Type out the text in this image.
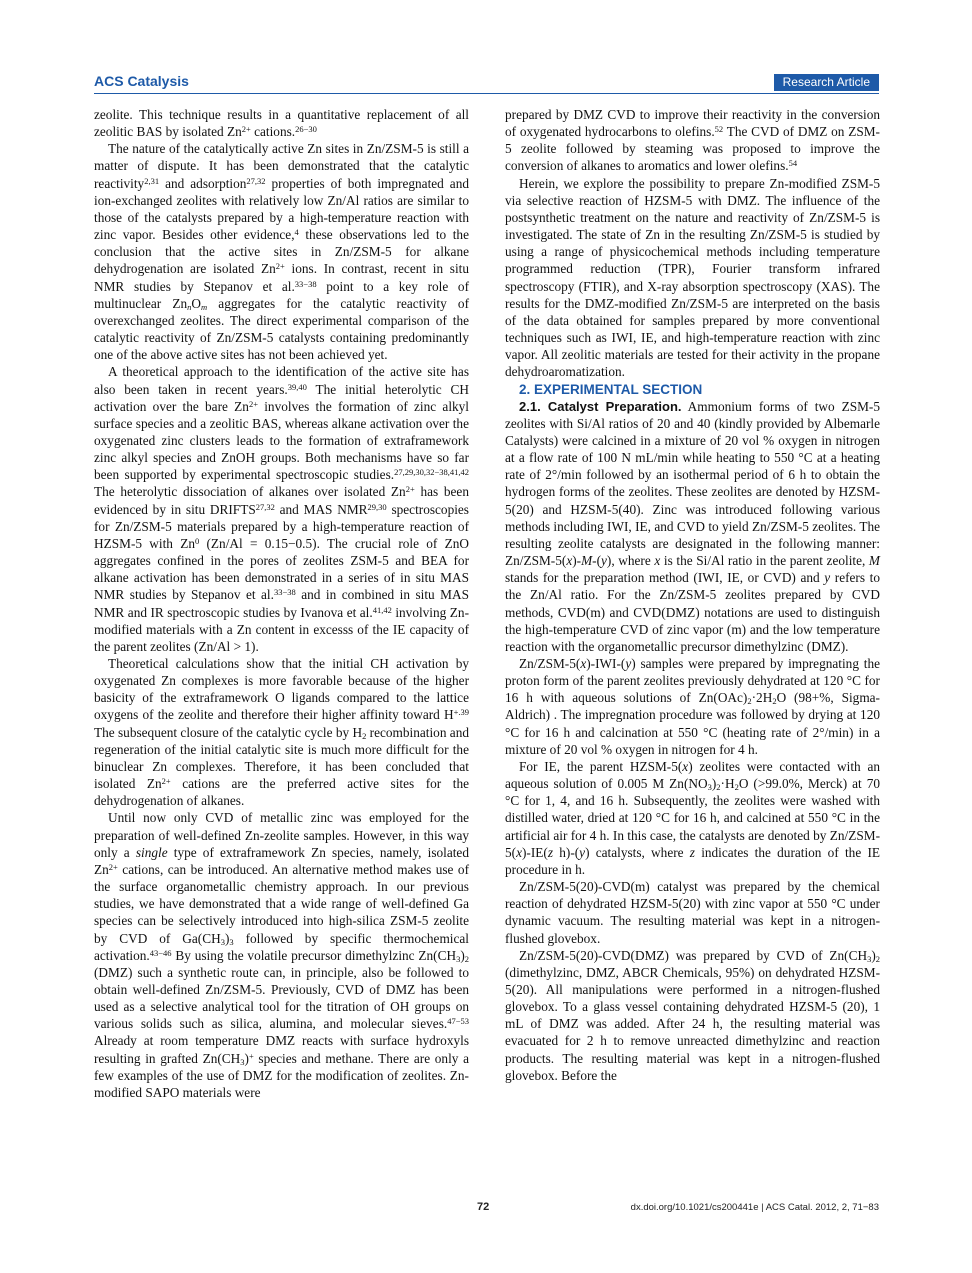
ACS Catalysis	Research Article

zeolite. This technique results in a quantitative replacement of all zeolitic BAS by isolated $Zn^{2+}$ cations.$^{26-30}$

The nature of the catalytically active Zn sites in Zn/ZSM-5 is still a matter of dispute. It has been demonstrated that the catalytic reactivity$^{2,31}$ and adsorption$^{27,32}$ properties of both impregnated and ion-exchanged zeolites with relatively low Zn/Al ratios are similar to those of the catalysts prepared by a high-temperature reaction with zinc vapor. Besides other evidence,$^4$ these observations led to the conclusion that the active sites in Zn/ZSM-5 for alkane dehydrogenation are isolated $Zn^{2+}$ ions. In contrast, recent in situ NMR studies by Stepanov et al.$^{33-38}$ point to a key role of multinuclear $Zn_nO_m$ aggregates for the catalytic reactivity of overexchanged zeolites. The direct experimental comparison of the catalytic reactivity of Zn/ZSM-5 catalysts containing predominantly one of the above active sites has not been achieved yet.

A theoretical approach to the identification of the active site has also been taken in recent years.$^{39,40}$ The initial heterolytic CH activation over the bare $Zn^{2+}$ involves the formation of zinc alkyl surface species and a zeolitic BAS, whereas alkane activation over the oxygenated zinc clusters leads to the formation of extraframework zinc alkyl species and ZnOH groups. Both mechanisms have so far been supported by experimental spectroscopic studies.$^{27,29,30,32-38,41,42}$ The heterolytic dissociation of alkanes over isolated $Zn^{2+}$ has been evidenced by in situ DRIFTS$^{27,32}$ and MAS NMR$^{29,30}$ spectroscopies for Zn/ZSM-5 materials prepared by a high-temperature reaction of HZSM-5 with Zn$^0$ (Zn/Al = 0.15−0.5). The crucial role of ZnO aggregates confined in the pores of zeolites ZSM-5 and BEA for alkane activation has been demonstrated in a series of in situ MAS NMR studies by Stepanov et al.$^{33-38}$ and in combined in situ MAS NMR and IR spectroscopic studies by Ivanova et al.$^{41,42}$ involving Zn-modified materials with a Zn content in excesss of the IE capacity of the parent zeolites (Zn/Al > 1).

Theoretical calculations show that the initial CH activation by oxygenated Zn complexes is more favorable because of the higher basicity of the extraframework O ligands compared to the lattice oxygens of the zeolite and therefore their higher affinity toward $H^{+.39}$ The subsequent closure of the catalytic cycle by $H_2$ recombination and regeneration of the initial catalytic site is much more difficult for the binuclear Zn complexes. Therefore, it has been concluded that isolated $Zn^{2+}$ cations are the preferred active sites for the dehydrogenation of alkanes.

Until now only CVD of metallic zinc was employed for the preparation of well-defined Zn-zeolite samples. However, in this way only a single type of extraframework Zn species, namely, isolated $Zn^{2+}$ cations, can be introduced. An alternative method makes use of the surface organometallic chemistry approach. In our previous studies, we have demonstrated that a wide range of well-defined Ga species can be selectively introduced into high-silica ZSM-5 zeolite by CVD of $Ga(CH_3)_3$ followed by specific thermochemical activation.$^{43-46}$ By using the volatile precursor dimethylzinc $Zn(CH_3)_2$ (DMZ) such a synthetic route can, in principle, also be followed to obtain well-defined Zn/ZSM-5. Previously, CVD of DMZ has been used as a selective analytical tool for the titration of OH groups on various solids such as silica, alumina, and molecular sieves.$^{47-53}$ Already at room temperature DMZ reacts with surface hydroxyls resulting in grafted $Zn(CH_3)^+$ species and methane. There are only a few examples of the use of DMZ for the modification of zeolites. Zn-modified SAPO materials were

prepared by DMZ CVD to improve their reactivity in the conversion of oxygenated hydrocarbons to olefins.$^{52}$ The CVD of DMZ on ZSM-5 zeolite followed by steaming was proposed to improve the conversion of alkanes to aromatics and lower olefins.$^{54}$

Herein, we explore the possibility to prepare Zn-modified ZSM-5 via selective reaction of HZSM-5 with DMZ. The influence of the postsynthetic treatment on the nature and reactivity of Zn/ZSM-5 is investigated. The state of Zn in the resulting Zn/ZSM-5 is studied by using a range of physicochemical methods including temperature programmed reduction (TPR), Fourier transform infrared spectroscopy (FTIR), and X-ray absorption spectroscopy (XAS). The results for the DMZ-modified Zn/ZSM-5 are interpreted on the basis of the data obtained for samples prepared by more conventional techniques such as IWI, IE, and high-temperature reaction with zinc vapor. All zeolitic materials are tested for their activity in the propane dehydroaromatization.

2. EXPERIMENTAL SECTION

2.1. Catalyst Preparation. Ammonium forms of two ZSM-5 zeolites with Si/Al ratios of 20 and 40 (kindly provided by Albemarle Catalysts) were calcined in a mixture of 20 vol % oxygen in nitrogen at a flow rate of 100 N mL/min while heating to 550 °C at a heating rate of 2°/min followed by an isothermal period of 6 h to obtain the hydrogen forms of the zeolites. These zeolites are denoted by HZSM-5(20) and HZSM-5(40). Zinc was introduced following various methods including IWI, IE, and CVD to yield Zn/ZSM-5 zeolites. The resulting zeolite catalysts are designated in the following manner: Zn/ZSM-5(x)-M-(y), where x is the Si/Al ratio in the parent zeolite, M stands for the preparation method (IWI, IE, or CVD) and y refers to the Zn/Al ratio. For the Zn/ZSM-5 zeolites prepared by CVD methods, CVD(m) and CVD(DMZ) notations are used to distinguish the high-temperature CVD of zinc vapor (m) and the low temperature reaction with the organometallic precursor dimethylzinc (DMZ).

Zn/ZSM-5(x)-IWI-(y) samples were prepared by impregnating the proton form of the parent zeolites previously dehydrated at 120 °C for 16 h with aqueous solutions of $Zn(OAc)_2\cdot 2H_2O$ (98+%, Sigma-Aldrich) . The impregnation procedure was followed by drying at 120 °C for 16 h and calcination at 550 °C (heating rate of 2°/min) in a mixture of 20 vol % oxygen in nitrogen for 4 h.

For IE, the parent HZSM-5(x) zeolites were contacted with an aqueous solution of 0.005 M $Zn(NO_3)_2\cdot H_2O$ (>99.0%, Merck) at 70 °C for 1, 4, and 16 h. Subsequently, the zeolites were washed with distilled water, dried at 120 °C for 16 h, and calcined at 550 °C in the artificial air for 4 h. In this case, the catalysts are denoted by Zn/ZSM-5(x)-IE(z h)-(y) catalysts, where z indicates the duration of the IE procedure in h.

Zn/ZSM-5(20)-CVD(m) catalyst was prepared by the chemical reaction of dehydrated HZSM-5(20) with zinc vapor at 550 °C under dynamic vacuum. The resulting material was kept in a nitrogen-flushed glovebox.

Zn/ZSM-5(20)-CVD(DMZ) was prepared by CVD of $Zn(CH_3)_2$ (dimethylzinc, DMZ, ABCR Chemicals, 95%) on dehydrated HZSM-5(20). All manipulations were performed in a nitrogen-flushed glovebox. To a glass vessel containing dehydrated HZSM-5 (20), 1 mL of DMZ was added. After 24 h, the resulting material was evacuated for 2 h to remove unreacted dimethylzinc and reaction products. The resulting material was kept in a nitrogen-flushed glovebox. Before the

72	dx.doi.org/10.1021/cs200441e | ACS Catal. 2012, 2, 71−83
